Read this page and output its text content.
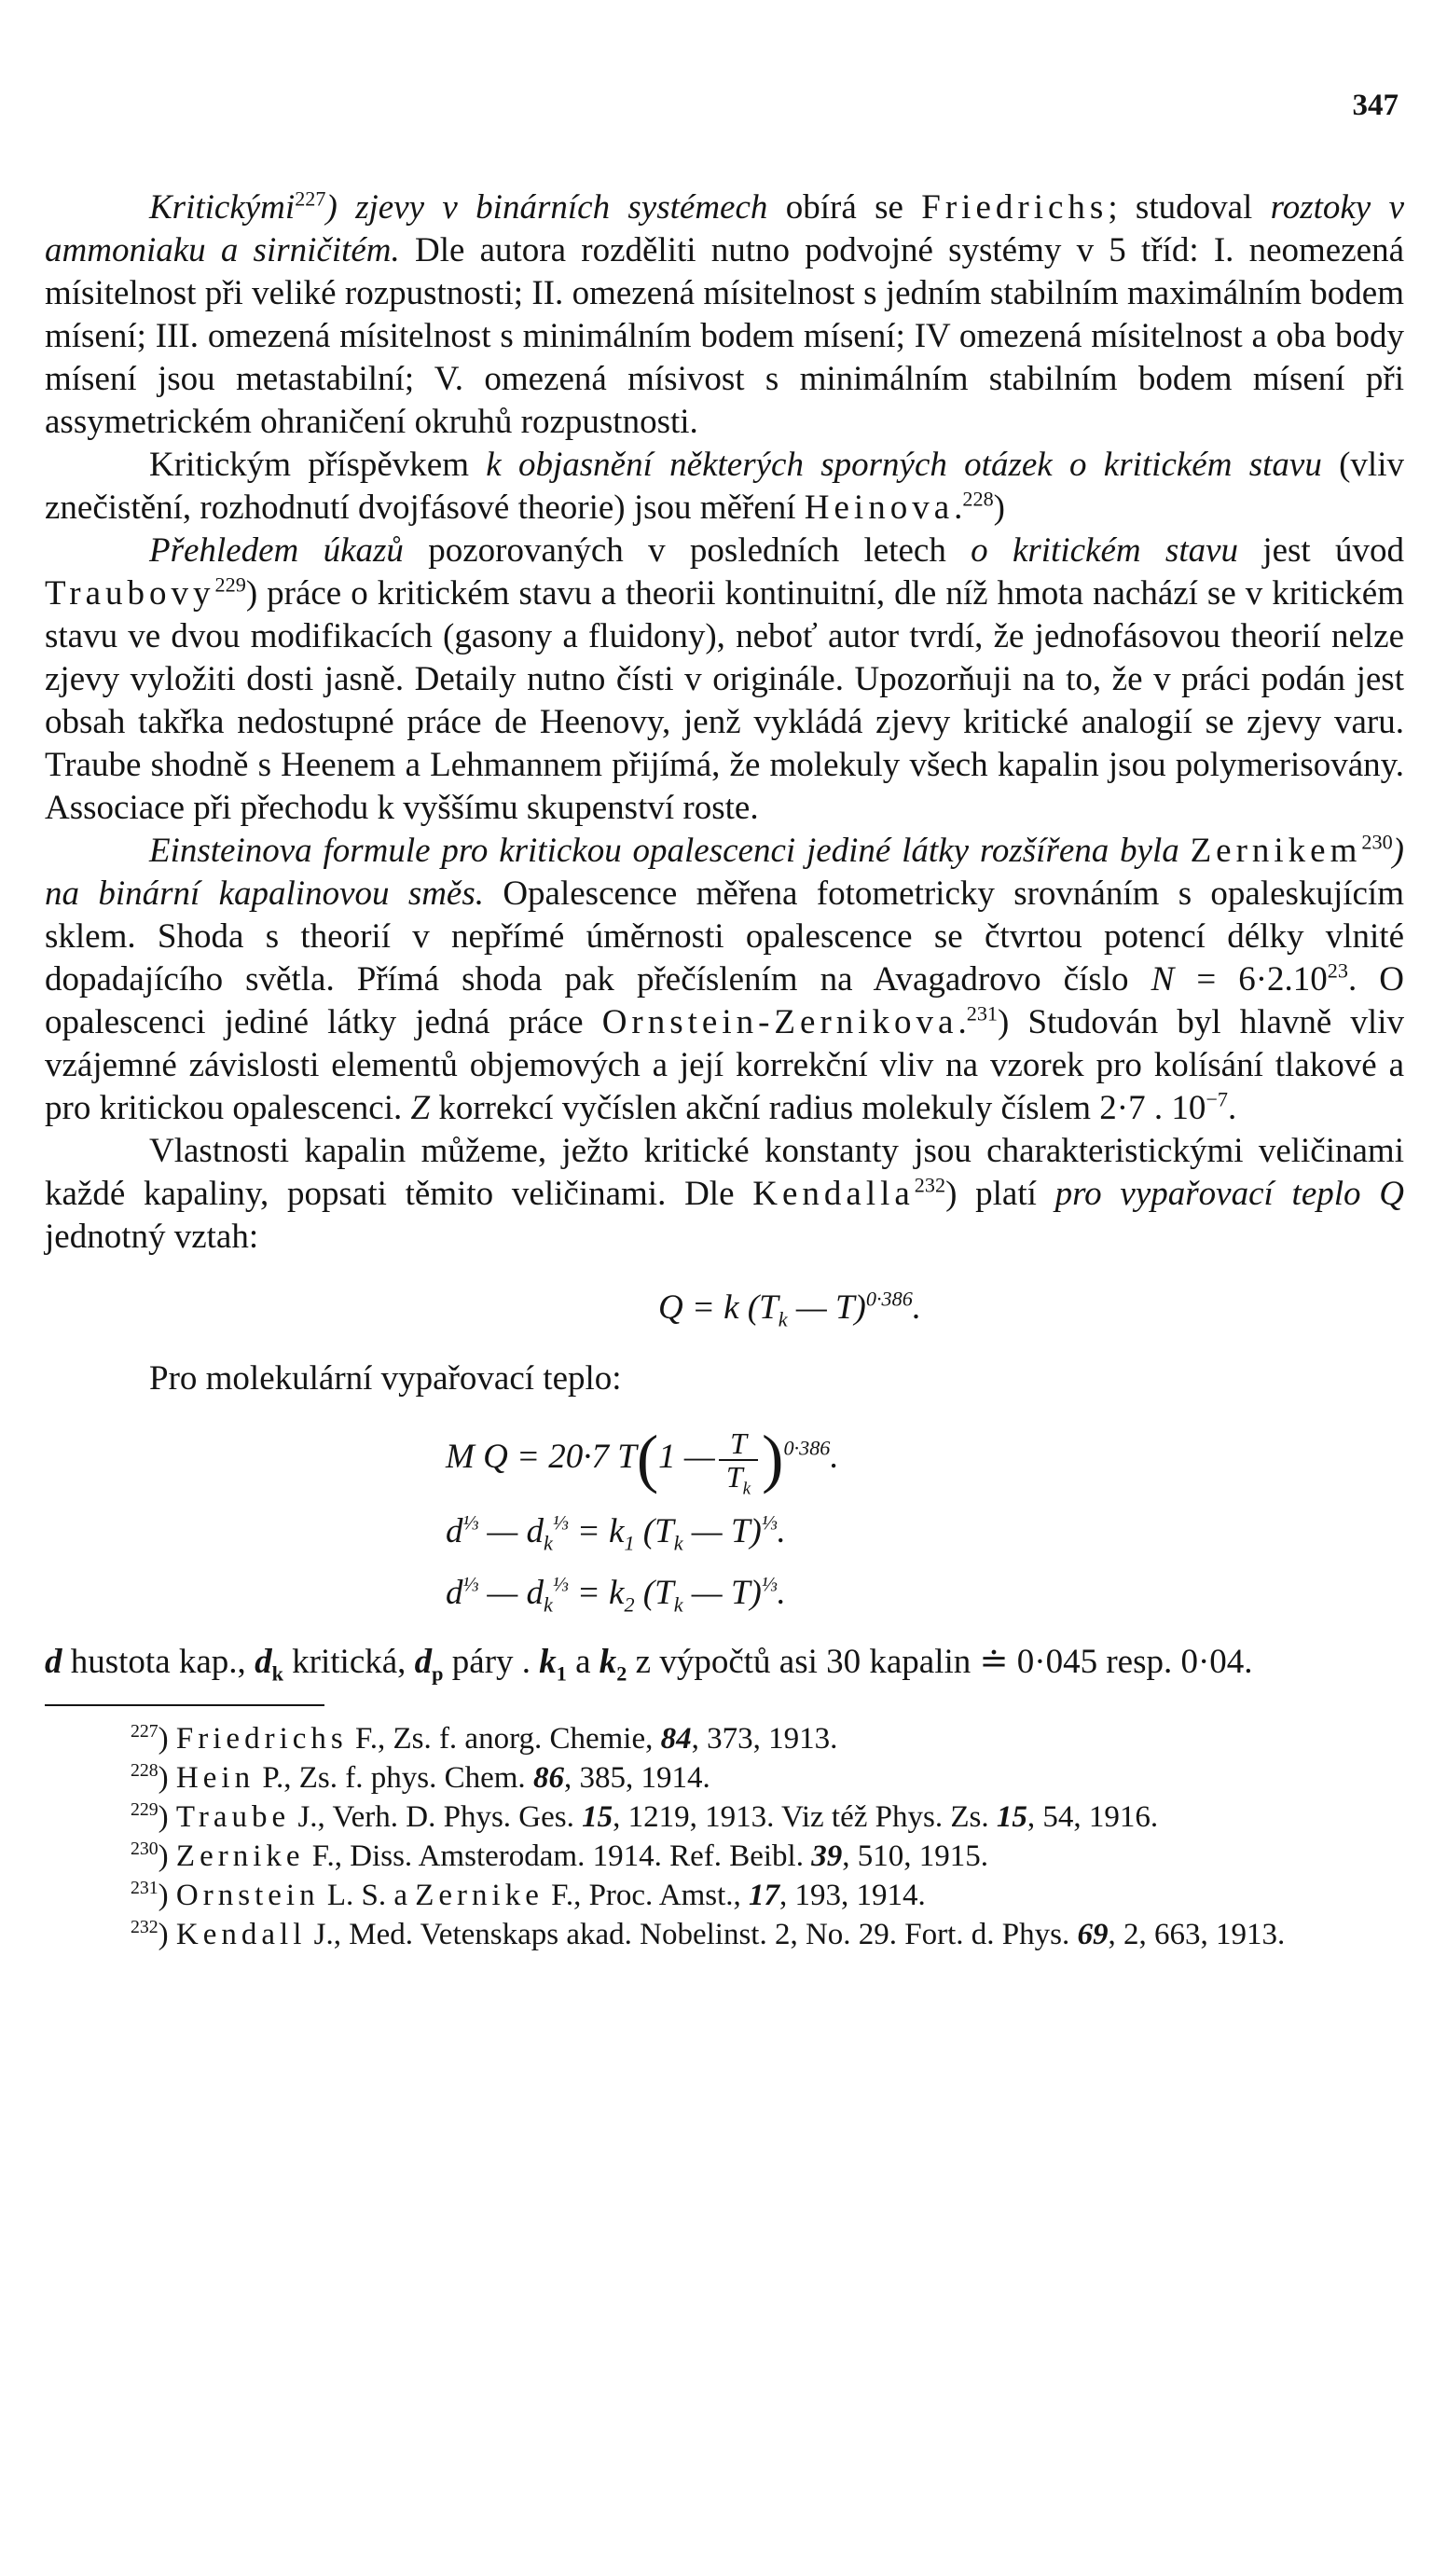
347

Kritickými$^{227}$) zjevy v binárních systémech obírá se Friedrichs; studoval roztoky v ammoniaku a sirničitém. Dle autora rozděliti nutno podvojné systémy v 5 tříd: I. neomezená mísitelnost při veliké rozpustnosti; II. omezená mísitelnost s jedním stabilním maximálním bodem mísení; III. omezená mísitelnost s minimálním bodem mísení; IV omezená mísitelnost a oba body mísení jsou metastabilní; V. omezená mísivost s minimálním stabilním bodem mísení při assymetrickém ohraničení okruhů rozpustnosti.

Kritickým příspěvkem k objasnění některých sporných otázek o kritickém stavu (vliv znečistění, rozhodnutí dvojfásové theorie) jsou měření Heinova.$^{228}$)

Přehledem úkazů pozorovaných v posledních letech o kritickém stavu jest úvod Traubovy$^{229}$) práce o kritickém stavu a theorii kontinuitní, dle níž hmota nachází se v kritickém stavu ve dvou modifikacích (gasony a fluidony), neboť autor tvrdí, že jednofásovou theorií nelze zjevy vyložiti dosti jasně. Detaily nutno čísti v originále. Upozorňuji na to, že v práci podán jest obsah takřka nedostupné práce de Heenovy, jenž vykládá zjevy kritické analogií se zjevy varu. Traube shodně s Heenem a Lehmannem přijímá, že molekuly všech kapalin jsou polymerisovány. Associace při přechodu k vyššímu skupenství roste.

Einsteinova formule pro kritickou opalescenci jediné látky rozšířena byla Zernikem$^{230}$) na binární kapalinovou směs. Opalescence měřena fotometricky srovnáním s opaleskujícím sklem. Shoda s theorií v nepřímé úměrnosti opalescence se čtvrtou potencí délky vlnité dopadajícího světla. Přímá shoda pak přečíslením na Avagadrovo číslo $N = 6\cdot 2.10^{23}$. O opalescenci jediné látky jedná práce Ornstein-Zernikova.$^{231}$) Studován byl hlavně vliv vzájemné závislosti elementů objemových a její korrekční vliv na vzorek pro kolísání tlakové a pro kritickou opalescenci. Z korrekcí vyčíslen akční radius molekuly číslem 2·7 . $10^{-7}$.

Vlastnosti kapalin můžeme, ježto kritické konstanty jsou charakteristickými veličinami každé kapaliny, popsati těmito veličinami. Dle Kendalla$^{232}$) platí pro vypařovací teplo Q jednotný vztah:

Q = k ($T_k$ — T)$^{0\cdot 386}$.

Pro molekulární vypařovací teplo:

M Q = 20·7 T(1 — $\frac{T}{T_k} )^{0\cdot 386}$.
$d^{\frac{1}{3}}$ — $d_k^{\frac{1}{3}} = k_1$ ($T_k$ — T)$^{\frac{1}{3}}$.
$d^{\frac{1}{3}}$ — $d_k^{\frac{1}{3}} = k_2$ ($T_k$ — T)$^{\frac{1}{3}}$.

d hustota kap., $d_k$ kritická, $d_p$ páry . $k_1$ a $k_2$ z výpočtů asi 30 kapalin ≐ 0·045 resp. 0·04.

$^{227}$) Friedrichs F., Zs. f. anorg. Chemie, 84, 373, 1913.

$^{228}$) Hein P., Zs. f. phys. Chem. 86, 385, 1914.

$^{229}$) Traube J., Verh. D. Phys. Ges. 15, 1219, 1913. Viz též Phys. Zs. 15, 54, 1916.

$^{230}$) Zernike F., Diss. Amsterodam. 1914. Ref. Beibl. 39, 510, 1915.

$^{231}$) Ornstein L. S. a Zernike F., Proc. Amst., 17, 193, 1914.

$^{232}$) Kendall J., Med. Vetenskaps akad. Nobelinst. 2, No. 29. Fort. d. Phys. 69, 2, 663, 1913.
